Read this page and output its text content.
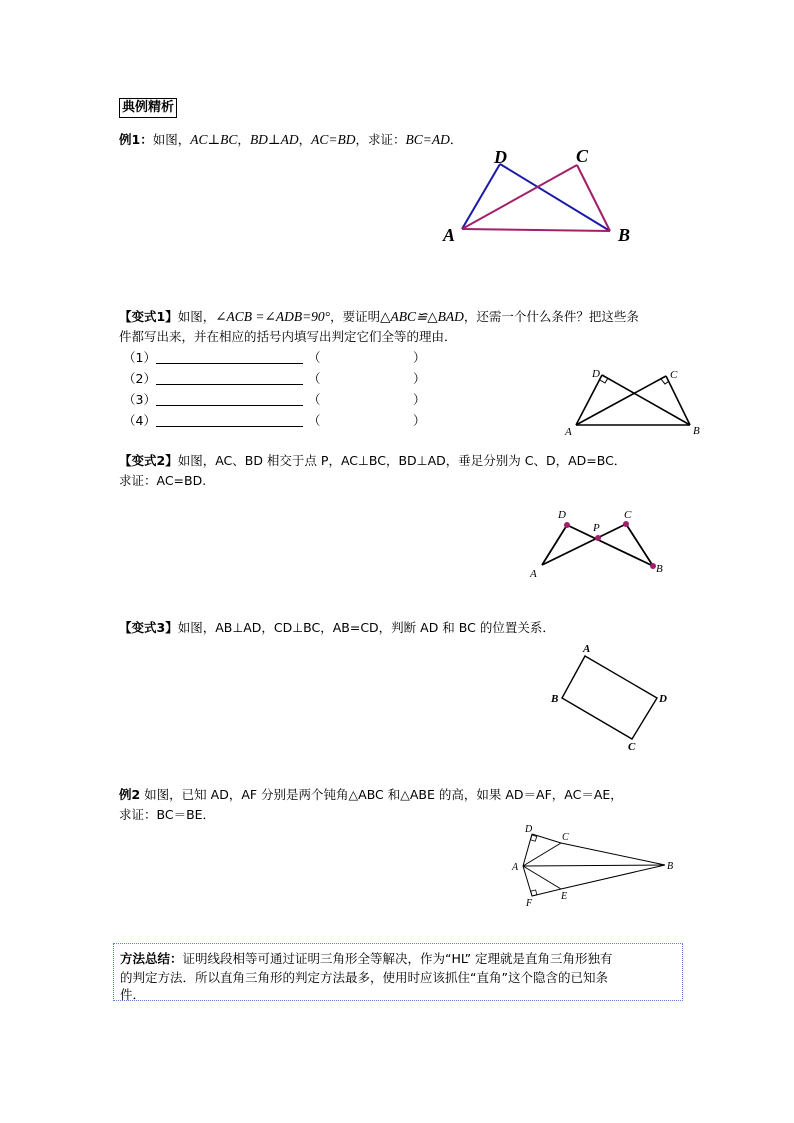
典例精析
例1：如图，AC⊥BC，BD⊥AD，AC=BD，求证：BC=AD．
A	B
C
D
【变式1】如图，∠ACB =∠ADB=90°，要证明△ABC≌△BAD，还需一个什么条件？把这些条
件都写出来，并在相应的括号内填写出判定它们全等的理由．
（1）	（	）
（2）	（	）
（3）	（	）
（4）	（	）
A	B
C
D
【变式2】如图，AC、BD 相交于点 P，AC⊥BC，BD⊥AD，垂足分别为 C、D，AD=BC．
求证：AC=BD.
A	B
C
D
P
【变式3】如图，AB⊥AD，CD⊥BC，AB=CD，判断 AD 和 BC 的位置关系．
A
B
C
D
例2 如图，已知 AD，AF 分别是两个钝角△ABC 和△ABE 的高，如果 AD＝AF，AC＝AE，
求证：BC＝BE．
D
C
A	B
F
E
方法总结：证明线段相等可通过证明三角形全等解决，作为“HL” 定理就是直角三角形独有
的判定方法．所以直角三角形的判定方法最多，使用时应该抓住“直角”这个隐含的已知条
件．
